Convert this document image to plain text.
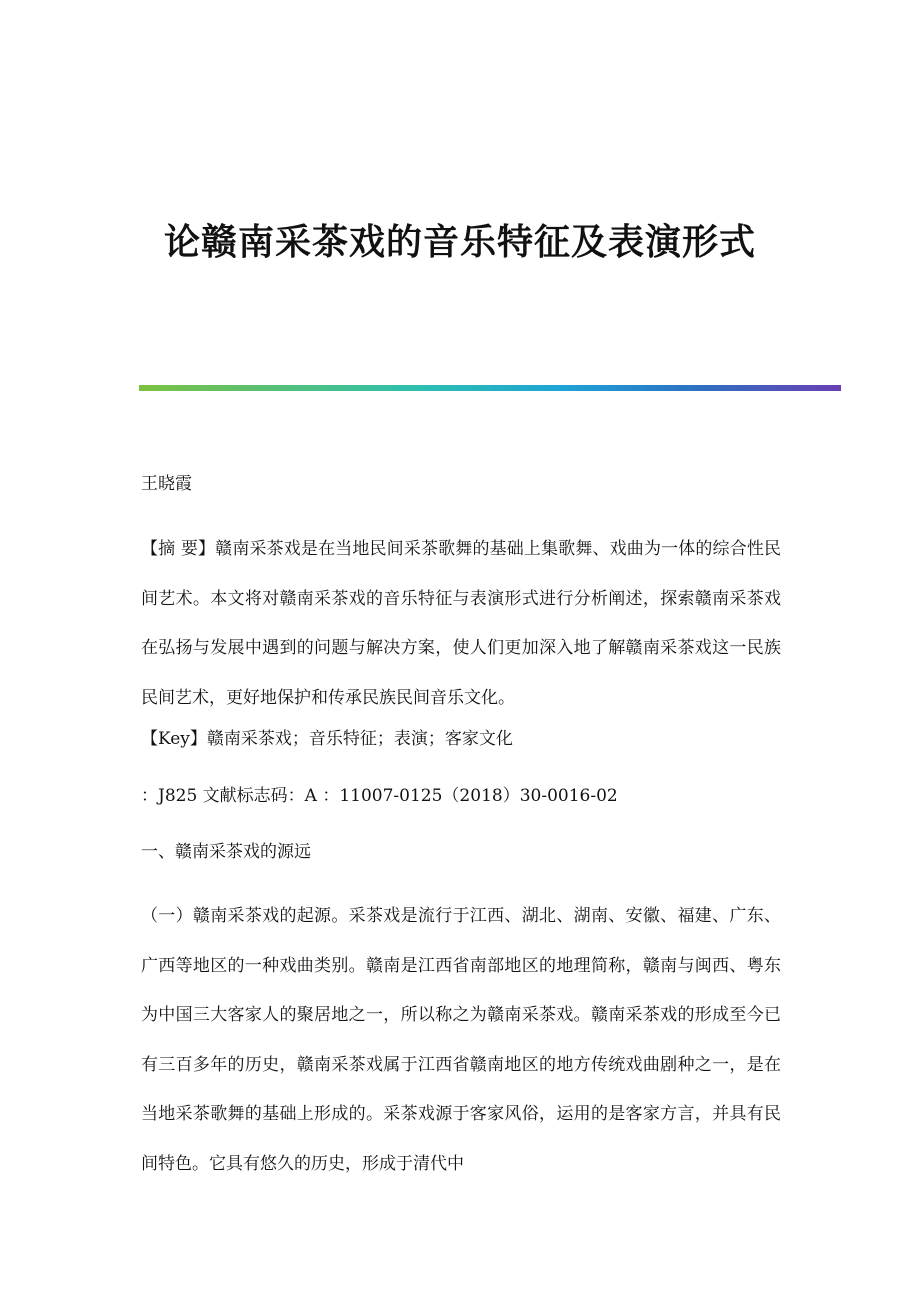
论赣南采茶戏的音乐特征及表演形式

王晓霞

【摘 要】赣南采茶戏是在当地民间采茶歌舞的基础上集歌舞、戏曲为一体的综合性民间艺术。本文将对赣南采茶戏的音乐特征与表演形式进行分析阐述，探索赣南采茶戏在弘扬与发展中遇到的问题与解决方案，使人们更加深入地了解赣南采茶戏这一民族民间艺术，更好地保护和传承民族民间音乐文化。

【Key】赣南采茶戏；音乐特征；表演；客家文化

：J825 文献标志码：A ：11007-0125（2018）30-0016-02

一、赣南采茶戏的源远

（一）赣南采茶戏的起源。采茶戏是流行于江西、湖北、湖南、安徽、福建、广东、广西等地区的一种戏曲类别。赣南是江西省南部地区的地理简称，赣南与闽西、粤东为中国三大客家人的聚居地之一，所以称之为赣南采茶戏。赣南采茶戏的形成至今已有三百多年的历史，赣南采茶戏属于江西省赣南地区的地方传统戏曲剧种之一，是在当地采茶歌舞的基础上形成的。采茶戏源于客家风俗，运用的是客家方言，并具有民间特色。它具有悠久的历史，形成于清代中
